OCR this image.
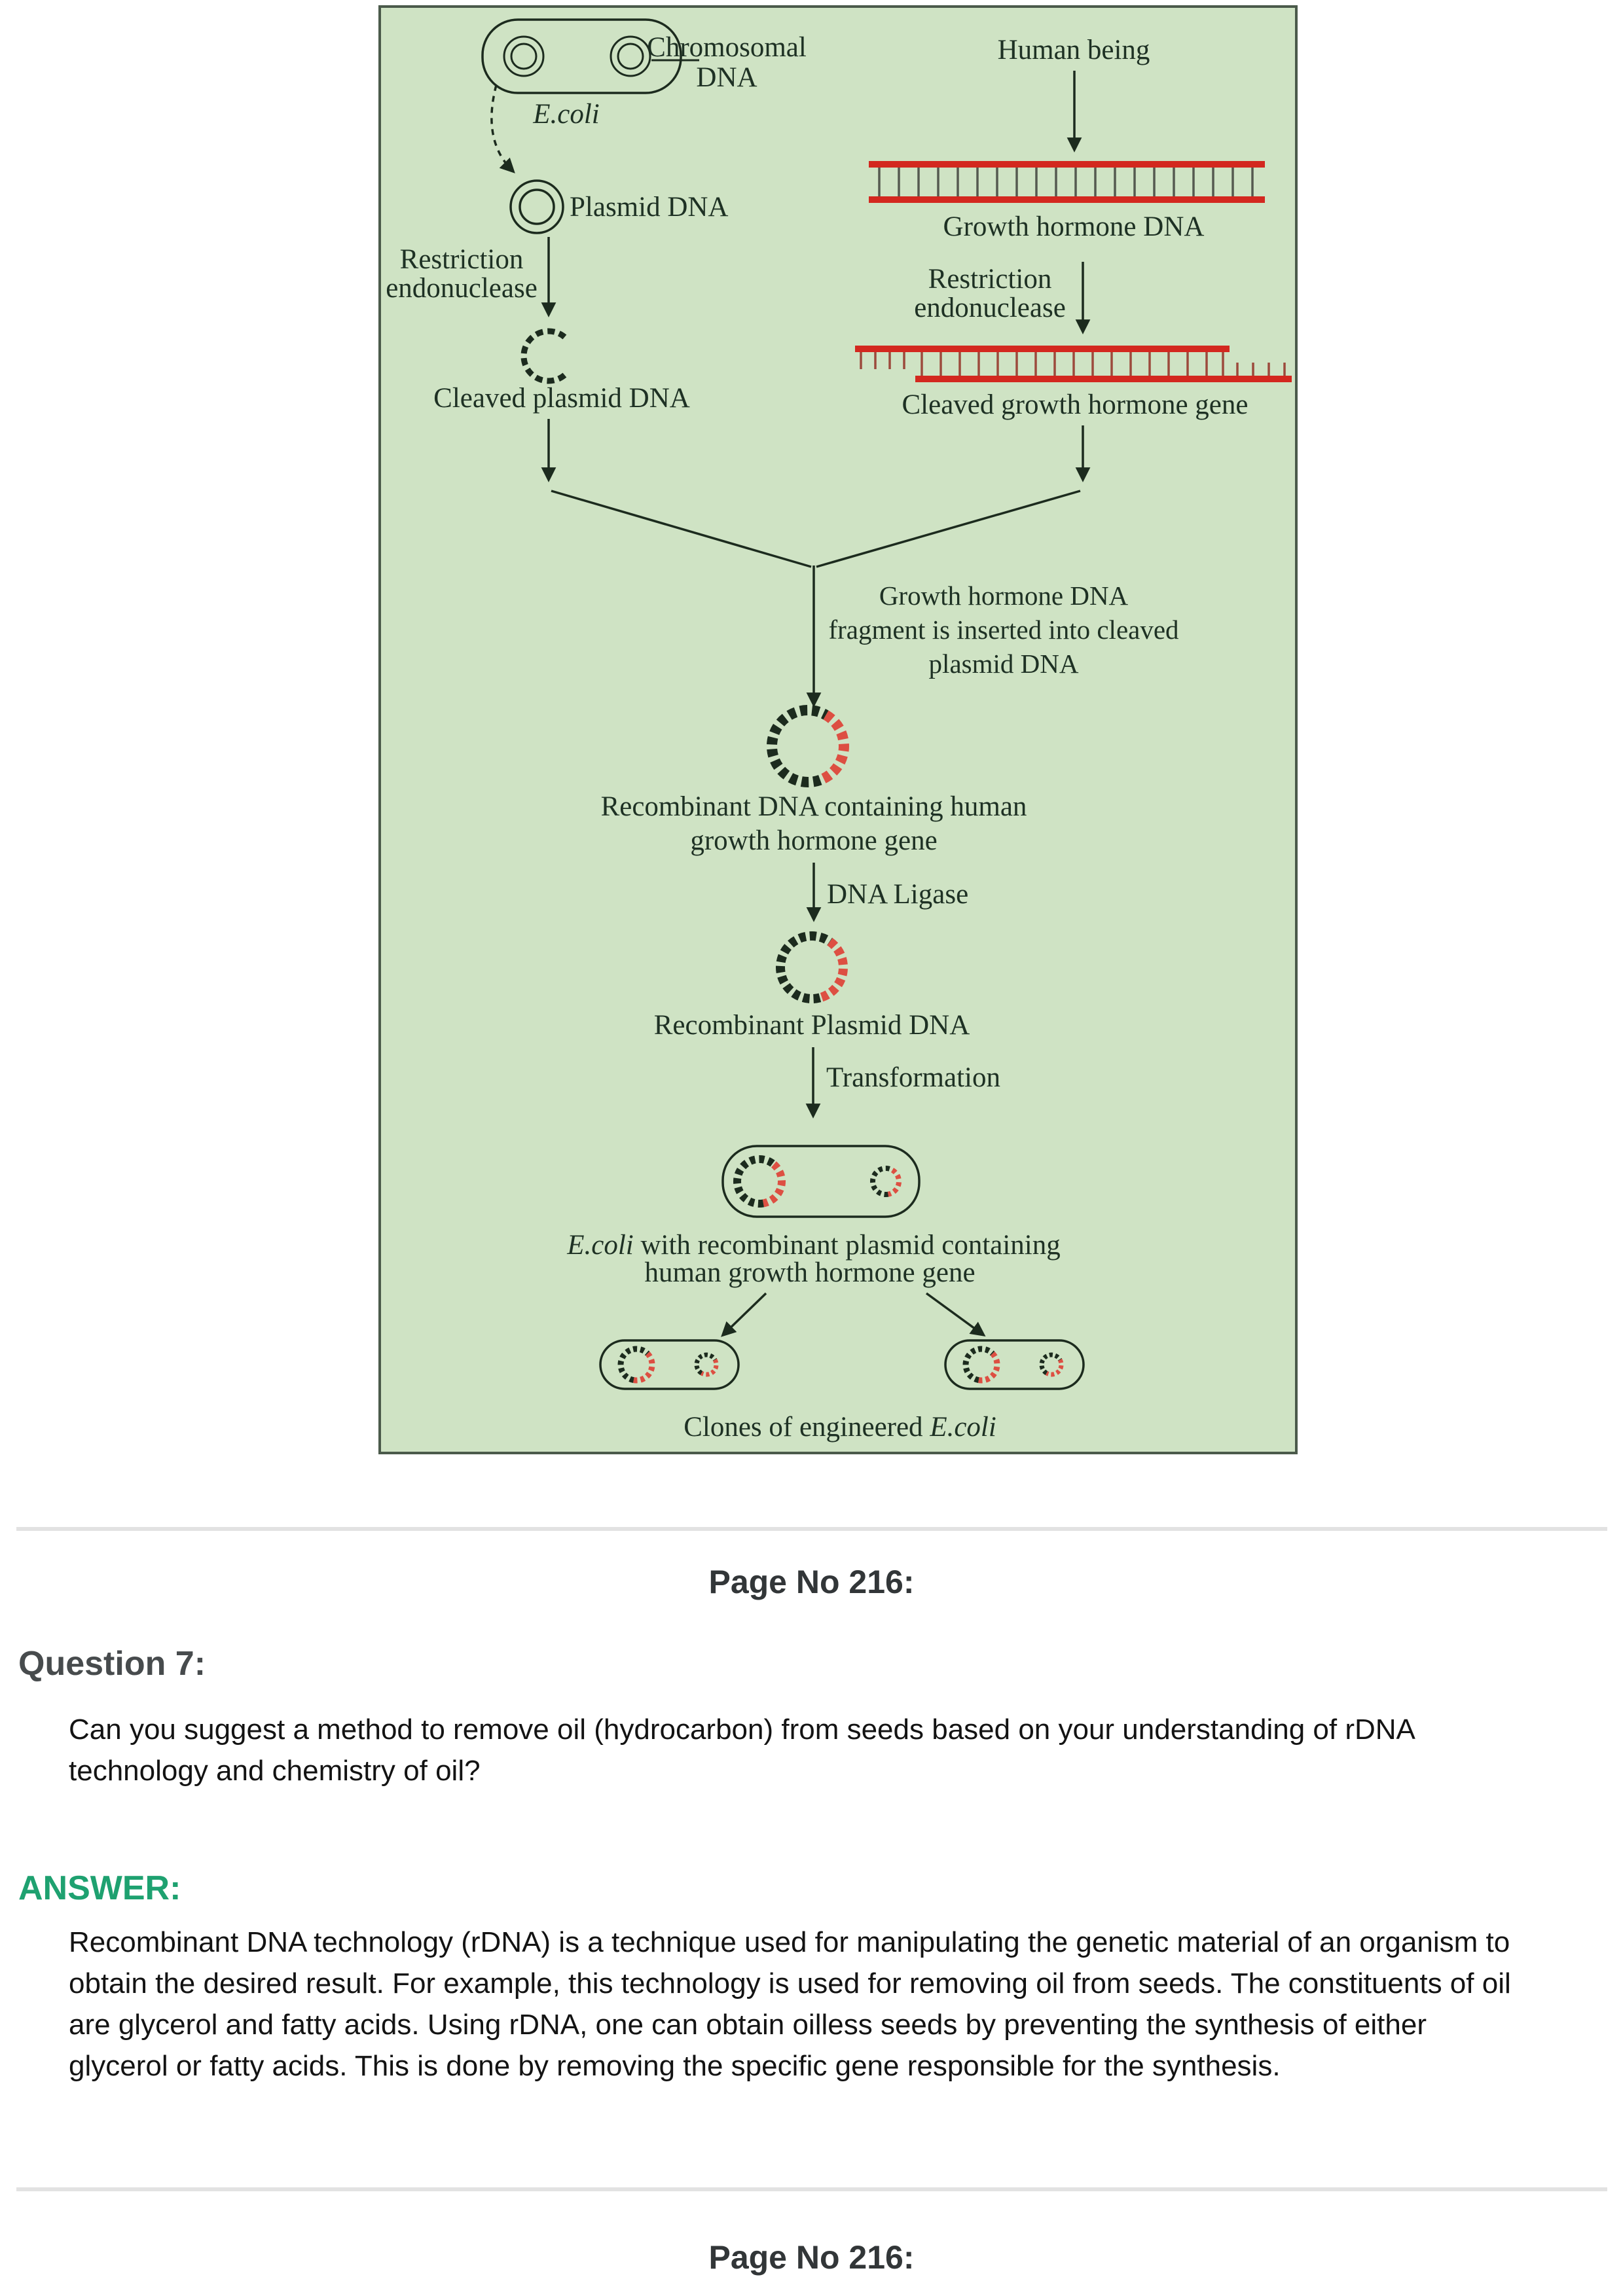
Chromosomal
DNA
E.coli
Plasmid DNA
Restriction
endonuclease
Cleaved plasmid DNA
Human being
Growth hormone DNA
Restriction
endonuclease
Cleaved growth hormone gene
Growth hormone DNA
fragment is inserted into cleaved
plasmid DNA
Recombinant DNA containing human
growth hormone gene
DNA Ligase
Recombinant Plasmid DNA
Transformation
E.coli with recombinant plasmid containing
human growth hormone gene
Clones of engineered E.coli
Page No 216:
Question 7:
Can you suggest a method to remove oil (hydrocarbon) from seeds based on your understanding of rDNA
technology and chemistry of oil?
ANSWER:
Recombinant DNA technology (rDNA) is a technique used for manipulating the genetic material of an organism to
obtain the desired result. For example, this technology is used for removing oil from seeds. The constituents of oil
are glycerol and fatty acids. Using rDNA, one can obtain oilless seeds by preventing the synthesis of either
glycerol or fatty acids. This is done by removing the specific gene responsible for the synthesis.
Page No 216:
